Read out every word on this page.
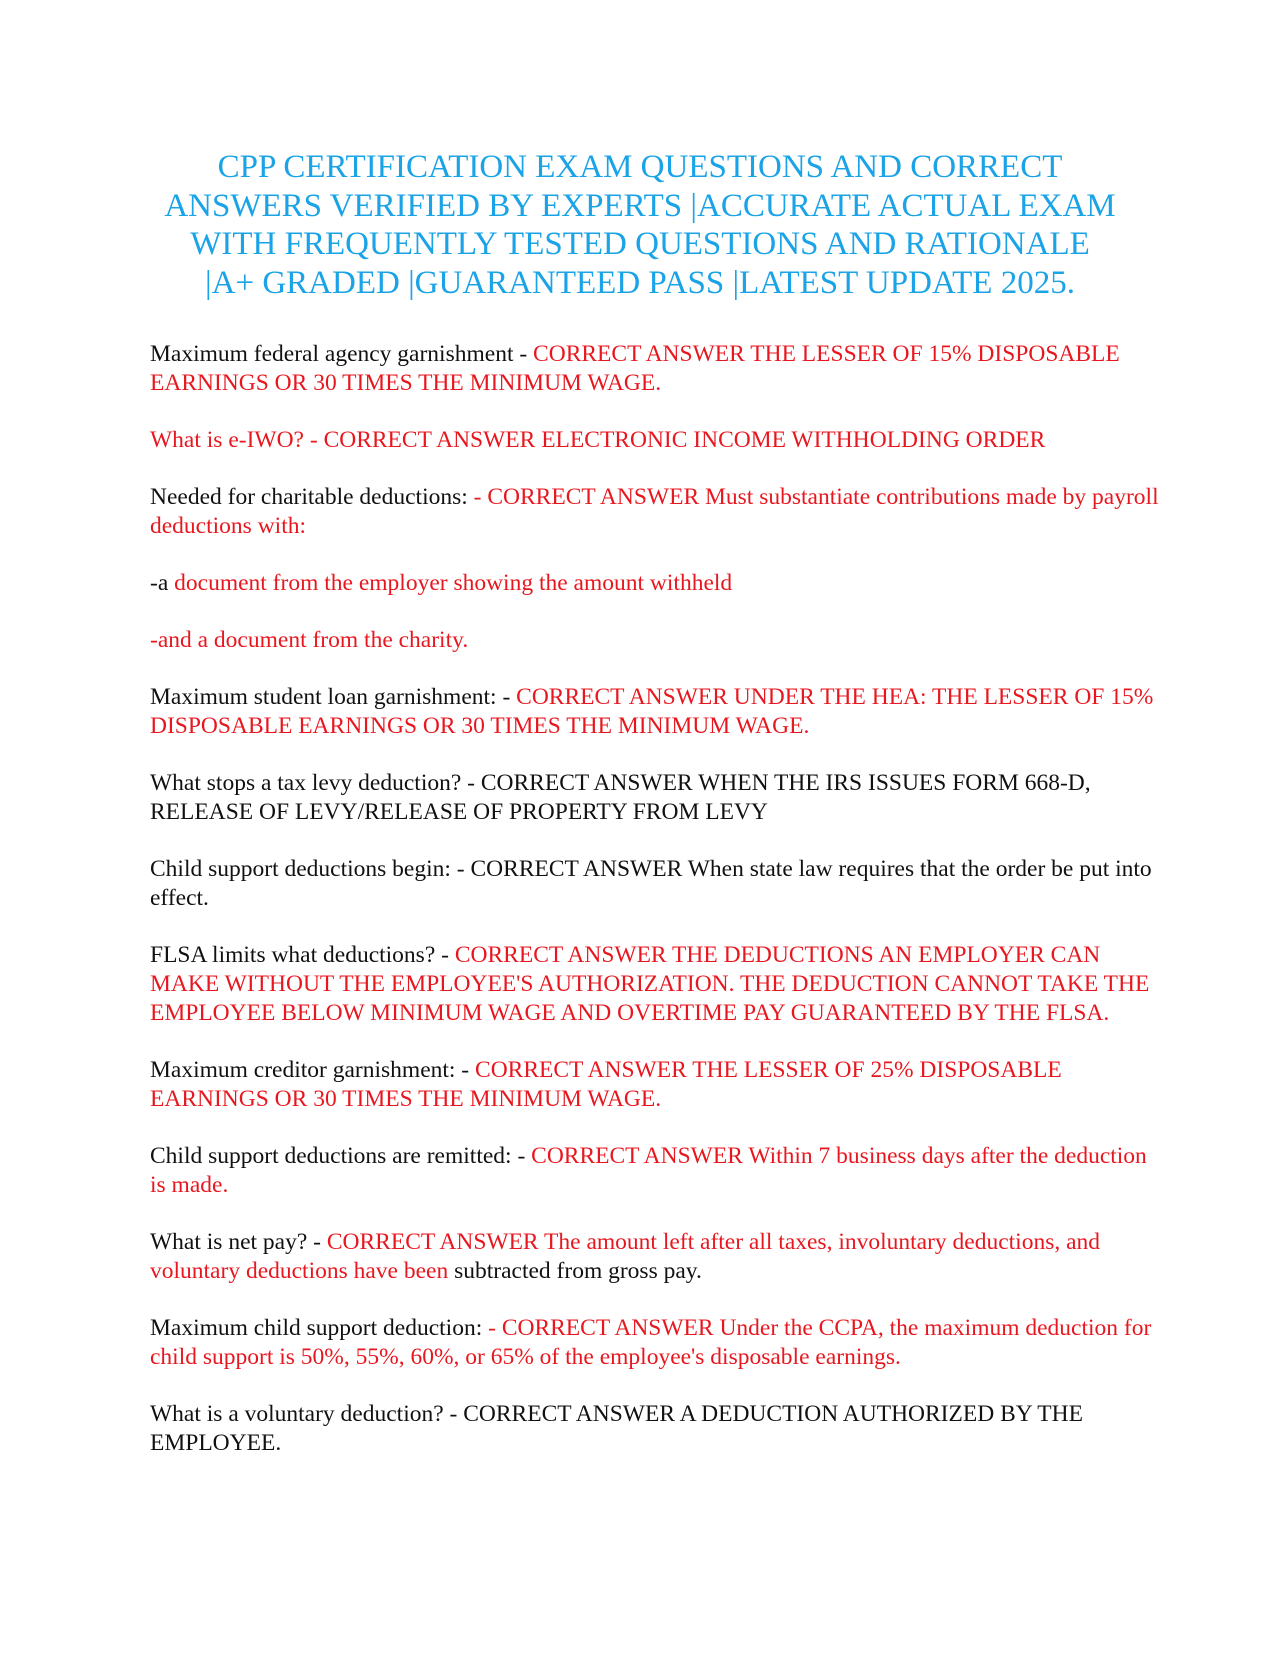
CPP CERTIFICATION EXAM QUESTIONS AND CORRECT
ANSWERS VERIFIED BY EXPERTS |ACCURATE ACTUAL EXAM
WITH FREQUENTLY TESTED QUESTIONS AND RATIONALE
|A+ GRADED |GUARANTEED PASS |LATEST UPDATE 2025.

Maximum federal agency garnishment - CORRECT ANSWER THE LESSER OF 15% DISPOSABLE EARNINGS OR 30 TIMES THE MINIMUM WAGE.

What is e-IWO? - CORRECT ANSWER ELECTRONIC INCOME WITHHOLDING ORDER

Needed for charitable deductions: - CORRECT ANSWER Must substantiate contributions made by payroll deductions with:

-a document from the employer showing the amount withheld

-and a document from the charity.

Maximum student loan garnishment: - CORRECT ANSWER UNDER THE HEA: THE LESSER OF 15% DISPOSABLE EARNINGS OR 30 TIMES THE MINIMUM WAGE.

What stops a tax levy deduction? - CORRECT ANSWER WHEN THE IRS ISSUES FORM 668-D, RELEASE OF LEVY/RELEASE OF PROPERTY FROM LEVY

Child support deductions begin: - CORRECT ANSWER When state law requires that the order be put into effect.

FLSA limits what deductions? - CORRECT ANSWER THE DEDUCTIONS AN EMPLOYER CAN MAKE WITHOUT THE EMPLOYEE'S AUTHORIZATION. THE DEDUCTION CANNOT TAKE THE EMPLOYEE BELOW MINIMUM WAGE AND OVERTIME PAY GUARANTEED BY THE FLSA.

Maximum creditor garnishment: - CORRECT ANSWER THE LESSER OF 25% DISPOSABLE EARNINGS OR 30 TIMES THE MINIMUM WAGE.

Child support deductions are remitted: - CORRECT ANSWER Within 7 business days after the deduction is made.

What is net pay? - CORRECT ANSWER The amount left after all taxes, involuntary deductions, and voluntary deductions have been subtracted from gross pay.

Maximum child support deduction: - CORRECT ANSWER Under the CCPA, the maximum deduction for child support is 50%, 55%, 60%, or 65% of the employee's disposable earnings.

What is a voluntary deduction? - CORRECT ANSWER A DEDUCTION AUTHORIZED BY THE EMPLOYEE.
